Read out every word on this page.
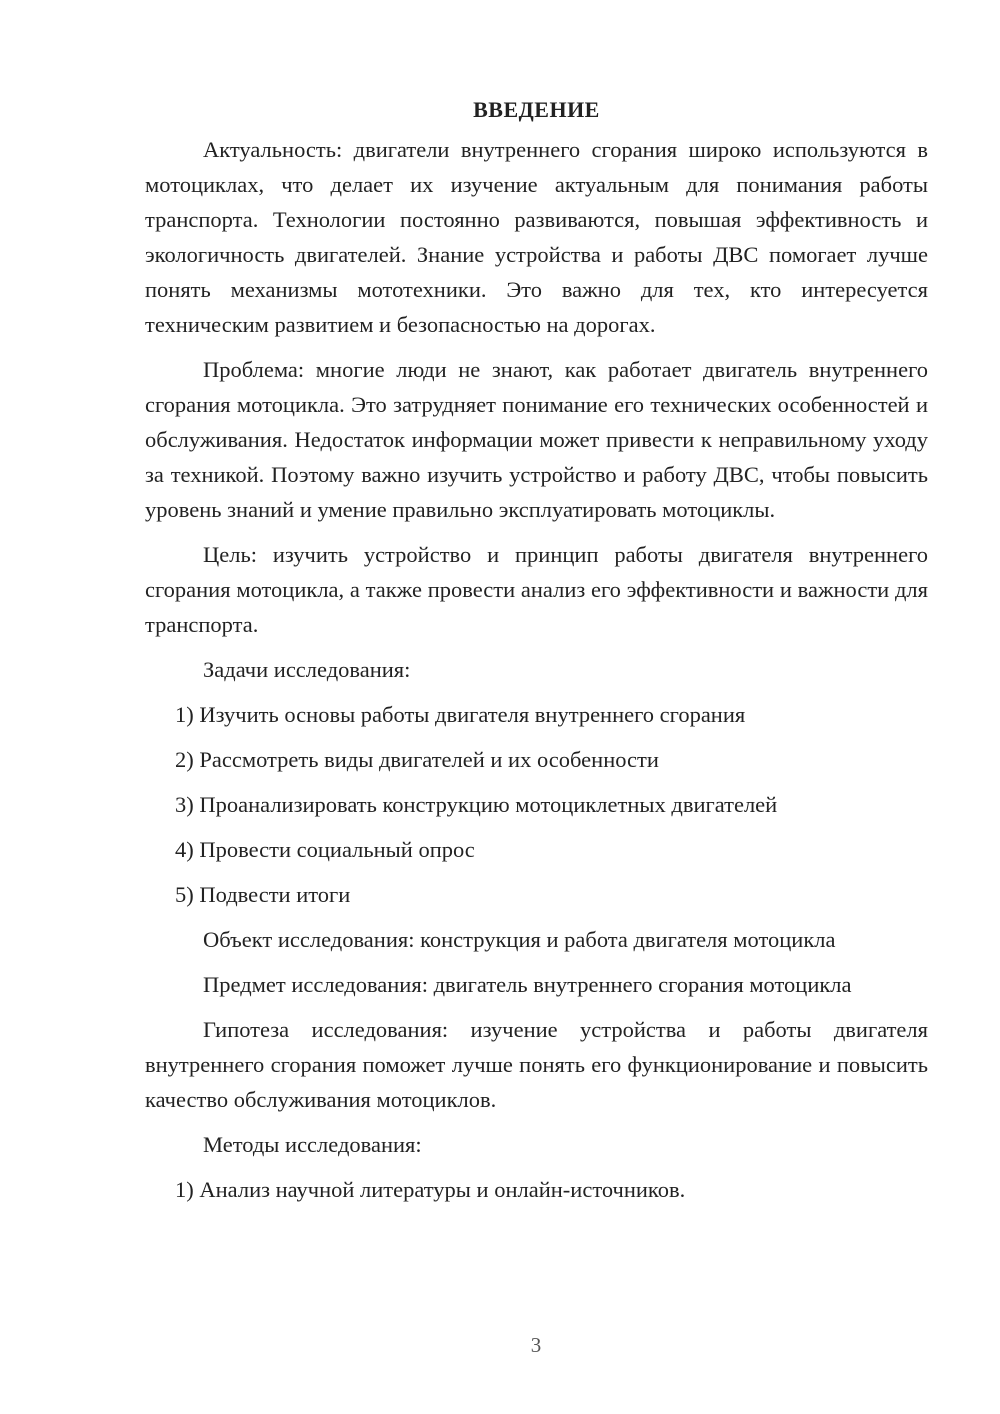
ВВЕДЕНИЕ

Актуальность: двигатели внутреннего сгорания широко используются в мотоциклах, что делает их изучение актуальным для понимания работы транспорта. Технологии постоянно развиваются, повышая эффективность и экологичность двигателей. Знание устройства и работы ДВС помогает лучше понять механизмы мототехники. Это важно для тех, кто интересуется техническим развитием и безопасностью на дорогах.

Проблема: многие люди не знают, как работает двигатель внутреннего сгорания мотоцикла. Это затрудняет понимание его технических особенностей и обслуживания. Недостаток информации может привести к неправильному уходу за техникой. Поэтому важно изучить устройство и работу ДВС, чтобы повысить уровень знаний и умение правильно эксплуатировать мотоциклы.

Цель: изучить устройство и принцип работы двигателя внутреннего сгорания мотоцикла, а также провести анализ его эффективности и важности для транспорта.

Задачи исследования:

1) Изучить основы работы двигателя внутреннего сгорания

2) Рассмотреть виды двигателей и их особенности

3) Проанализировать конструкцию мотоциклетных двигателей

4) Провести социальный опрос

5) Подвести итоги

Объект исследования: конструкция и работа двигателя мотоцикла

Предмет исследования: двигатель внутреннего сгорания мотоцикла

Гипотеза исследования: изучение устройства и работы двигателя внутреннего сгорания поможет лучше понять его функционирование и повысить качество обслуживания мотоциклов.

Методы исследования:

1) Анализ научной литературы и онлайн-источников.

3
